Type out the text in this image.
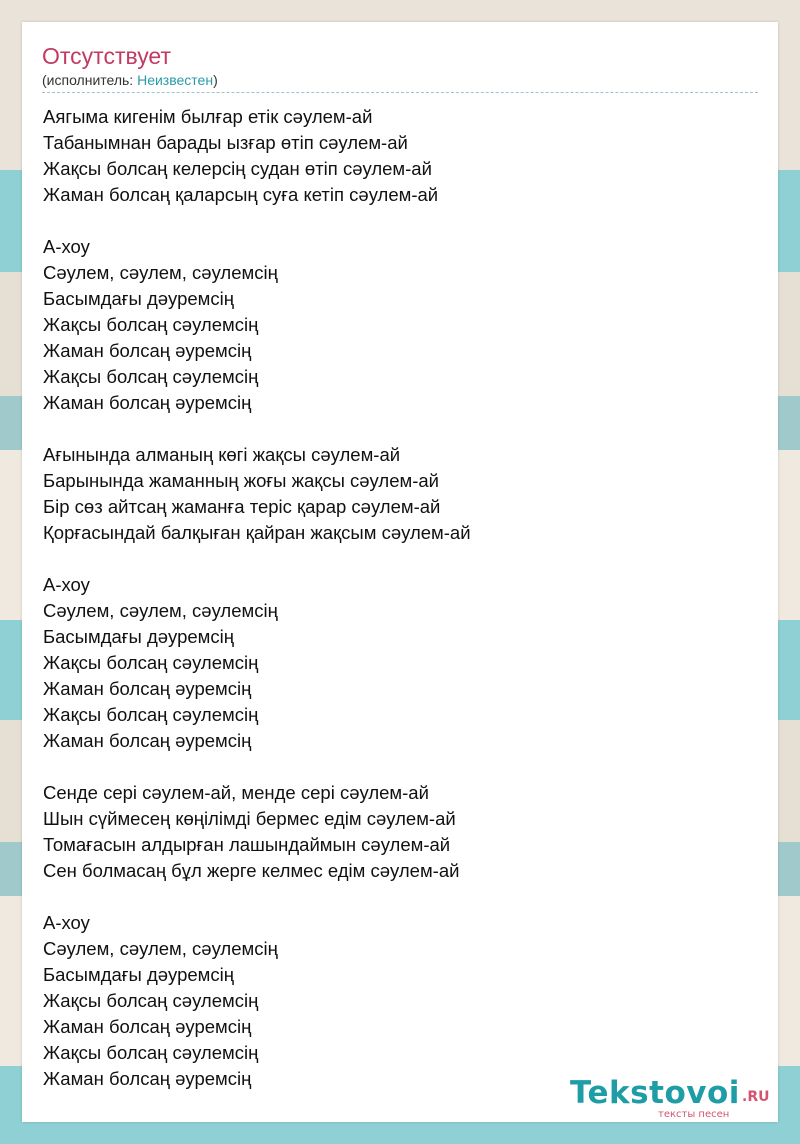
Отсутствует
(исполнитель: Неизвестен)
Аягыма кигенім былғар етік сәулем-ай
Табанымнан барады ызғар өтіп сәулем-ай
Жақсы болсаң келерсің судан өтіп сәулем-ай
Жаман болсаң қаларсың суға кетіп сәулем-ай
А-хоу
Сәулем, сәулем, сәулемсің
Басымдағы дәуремсің
Жақсы болсаң сәулемсің
Жаман болсаң әуремсің
Жақсы болсаң сәулемсің
Жаман болсаң әуремсің
Ағынында алманың көгі жақсы сәулем-ай
Барынында жаманның жоғы жақсы сәулем-ай
Бір сөз айтсаң жаманға теріс қарар сәулем-ай
Қорғасындай балқыған қайран жақсым сәулем-ай
А-хоу
Сәулем, сәулем, сәулемсің
Басымдағы дәуремсің
Жақсы болсаң сәулемсің
Жаман болсаң әуремсің
Жақсы болсаң сәулемсің
Жаман болсаң әуремсің
Сенде сері сәулем-ай, менде сері сәулем-ай
Шын сүймесең көңілімді бермес едім сәулем-ай
Томағасын алдырған лашындаймын сәулем-ай
Сен болмасаң бұл жерге келмес едім сәулем-ай
А-хоу
Сәулем, сәулем, сәулемсің
Басымдағы дәуремсің
Жақсы болсаң сәулемсің
Жаман болсаң әуремсің
Жақсы болсаң сәулемсің
Жаман болсаң әуремсің	Tekstovoi .RU
тексты песен
